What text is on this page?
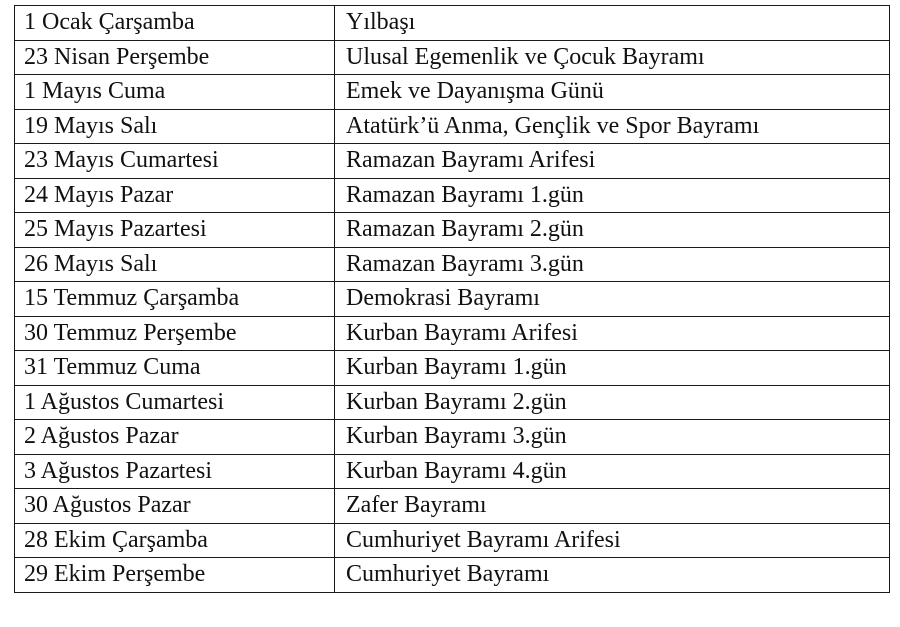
1 Ocak Çarşamba	Yılbaşı
23 Nisan Perşembe	Ulusal Egemenlik ve Çocuk Bayramı
1 Mayıs Cuma	Emek ve Dayanışma Günü
19 Mayıs Salı	Atatürk’ü Anma, Gençlik ve Spor Bayramı
23 Mayıs Cumartesi	Ramazan Bayramı Arifesi
24 Mayıs Pazar	Ramazan Bayramı 1.gün
25 Mayıs Pazartesi	Ramazan Bayramı 2.gün
26 Mayıs Salı	Ramazan Bayramı 3.gün
15 Temmuz Çarşamba	Demokrasi Bayramı
30 Temmuz Perşembe	Kurban Bayramı Arifesi
31 Temmuz Cuma	Kurban Bayramı 1.gün
1 Ağustos Cumartesi	Kurban Bayramı 2.gün
2 Ağustos Pazar	Kurban Bayramı 3.gün
3 Ağustos Pazartesi	Kurban Bayramı 4.gün
30 Ağustos Pazar	Zafer Bayramı
28 Ekim Çarşamba	Cumhuriyet Bayramı Arifesi
29 Ekim Perşembe	Cumhuriyet Bayramı
